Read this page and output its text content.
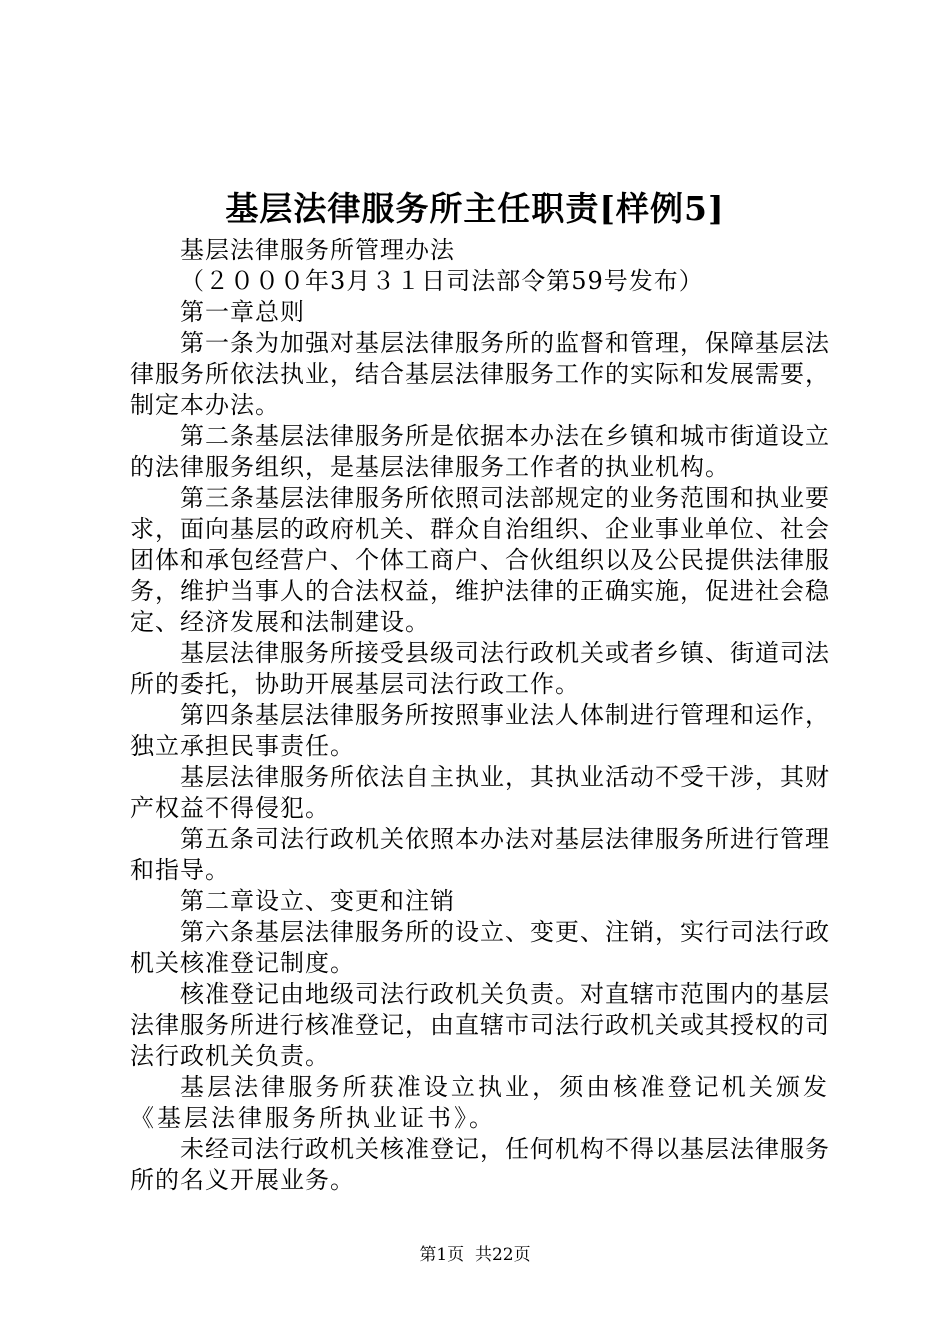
基层法律服务所主任职责[样例5]

基层法律服务所管理办法

（２０００年3月３１日司法部令第59号发布）

第一章总则

第一条为加强对基层法律服务所的监督和管理，保障基层法律服务所依法执业，结合基层法律服务工作的实际和发展需要，制定本办法。

第二条基层法律服务所是依据本办法在乡镇和城市街道设立的法律服务组织，是基层法律服务工作者的执业机构。

第三条基层法律服务所依照司法部规定的业务范围和执业要求，面向基层的政府机关、群众自治组织、企业事业单位、社会团体和承包经营户、个体工商户、合伙组织以及公民提供法律服务，维护当事人的合法权益，维护法律的正确实施，促进社会稳定、经济发展和法制建设。

基层法律服务所接受县级司法行政机关或者乡镇、街道司法所的委托，协助开展基层司法行政工作。

第四条基层法律服务所按照事业法人体制进行管理和运作，独立承担民事责任。

基层法律服务所依法自主执业，其执业活动不受干涉，其财产权益不得侵犯。

第五条司法行政机关依照本办法对基层法律服务所进行管理和指导。

第二章设立、变更和注销

第六条基层法律服务所的设立、变更、注销，实行司法行政机关核准登记制度。

核准登记由地级司法行政机关负责。对直辖市范围内的基层法律服务所进行核准登记，由直辖市司法行政机关或其授权的司法行政机关负责。

基层法律服务所获准设立执业，须由核准登记机关颁发《基层法律服务所执业证书》。

未经司法行政机关核准登记，任何机构不得以基层法律服务所的名义开展业务。

第1页  共22页
